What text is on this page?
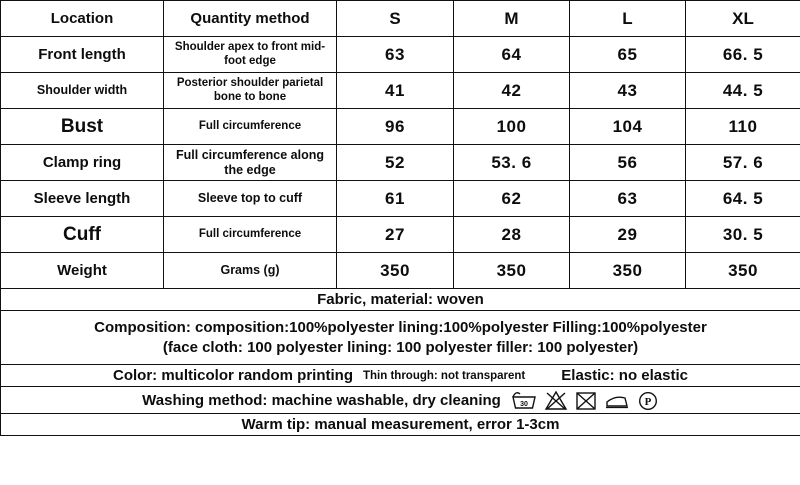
Location	Quantity method	S	M	L	XL
Front length	Shoulder apex to front mid-foot edge	63	64	65	66. 5
Shoulder width	Posterior shoulder parietal bone to bone	41	42	43	44. 5
Bust	Full circumference	96	100	104	110
Clamp ring	Full circumference along the edge	52	53. 6	56	57. 6
Sleeve length	Sleeve top to cuff	61	62	63	64. 5
Cuff	Full circumference	27	28	29	30. 5
Weight	Grams (g)	350	350	350	350
Fabric, material: woven					

Composition: composition:100%polyester lining:100%polyester Filling:100%polyester
(face cloth: 100 polyester lining: 100 polyester filler: 100 polyester)					

Color: multicolor random printing Thin through: not transparent Elastic: no elastic					

Washing method: machine washable, dry cleaning 30 P					

Warm tip: manual measurement, error 1-3cm					
